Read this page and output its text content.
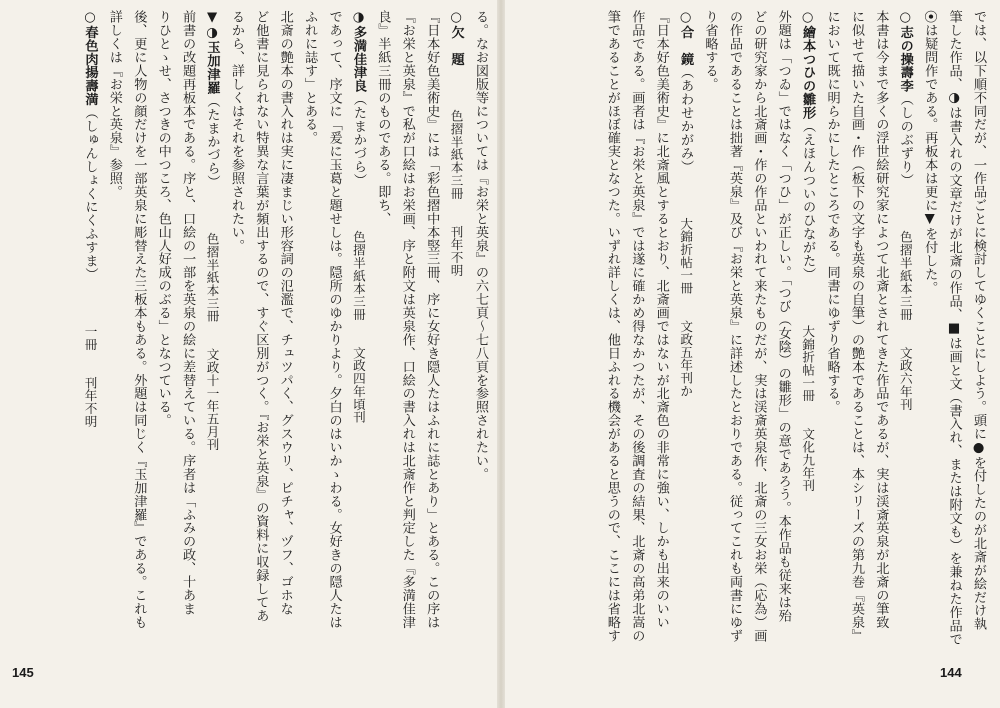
では、以下順不同だが、一作品ごとに検討してゆくことにしよう。頭に●を付したのが北斎が絵だけ執
筆した作品、◑は書入れの文章だけが北斎の作品、■は画と文（書入れ、または附文も）を兼ねた作品で
⦿は疑問作である。再板本は更に▼を付した。
○志の操壽李（しのぶずり）色摺半紙本三冊　　文政六年刊
本書は今まで多くの浮世絵研究家によつて北斎とされてきた作品であるが、実は渓斎英泉が北斎の筆致
に似せて描いた自画・作（板下の文字も英泉の自筆）の艶本であることは、本シリーズの第九巻『英泉』
において既に明らかにしたところである。同書にゆずり省略する。
○繪本つひの雛形（えほんついのひながた）大錦折帖一冊　　文化九年刊
外題は「つゐ」ではなく「つひ」が正しい。「つび（女陰）の雛形」の意であろう。本作品も従来は殆
どの研究家から北斎画・作の作品といわれて来たものだが、実は渓斎英泉作、北斎の三女お栄（応為）画
の作品であることは拙著『英泉』及び『お栄と英泉』に詳述したとおりである。従ってこれも両書にゆず
り省略する。
○合　鏡（あわせかがみ）大錦折帖一冊　　文政五年刊か
『日本好色美術史』に北斎風とするとおり、北斎画ではないが北斎色の非常に強い、しかも出来のいい
作品である。画者は『お栄と英泉』では遂に確かめ得なかつたが、その後調査の結果、北斎の高弟北嵩の
筆であることがほぼ確実となつた。いずれ詳しくは、他日ふれる機会があると思うので、ここには省略す
144
る。なお図版等については『お栄と英泉』の六七頁～七八頁を参照されたい。
○欠　題色摺半紙本三冊　　刊年不明
『日本好色美術史』には「彩色摺中本竪三冊、序に女好き隠人たはふれに誌とあり」とある。この序は
『お栄と英泉』で私が口絵はお栄画、序と附文は英泉作、口絵の書入れは北斎作と判定した『多満佳津
良』半紙三冊のものである。即ち、
◑多満佳津良（たまかづら）色摺半紙本三冊　　文政四年頃刊
であって、序文に「爰に玉葛と題せしは。隠所のゆかりより。夕白のはいかゝわる。女好きの隠人たは
ふれに誌す」とある。
北斎の艶本の書入れは実に凄まじい形容詞の氾濫で、チュツパく、グスウリ、ピチャ、ヅフ、ゴホな
ど他書に見られない特異な言葉が頻出するので、すぐ区別がつく。『お栄と英泉』の資料に収録してあ
るから、詳しくはそれを参照されたい。
▼◑玉加津羅（たまかづら）色摺半紙本三冊　　文政十一年五月刊
前書の改題再板本である。序と、口絵の一部を英泉の絵に差替えている。序者は「ふみの政、十あま
りひとゝせ、さつきの中つころ、色山人好成のぶる」となつている。
後、更に人物の顔だけを一部英泉に彫替えた三板本もある。外題は同じく『玉加津羅』である。これも
詳しくは『お栄と英泉』参照。
○春色肉揚壽満（しゅんしょくにくふすま）一冊　　刊年不明
145
